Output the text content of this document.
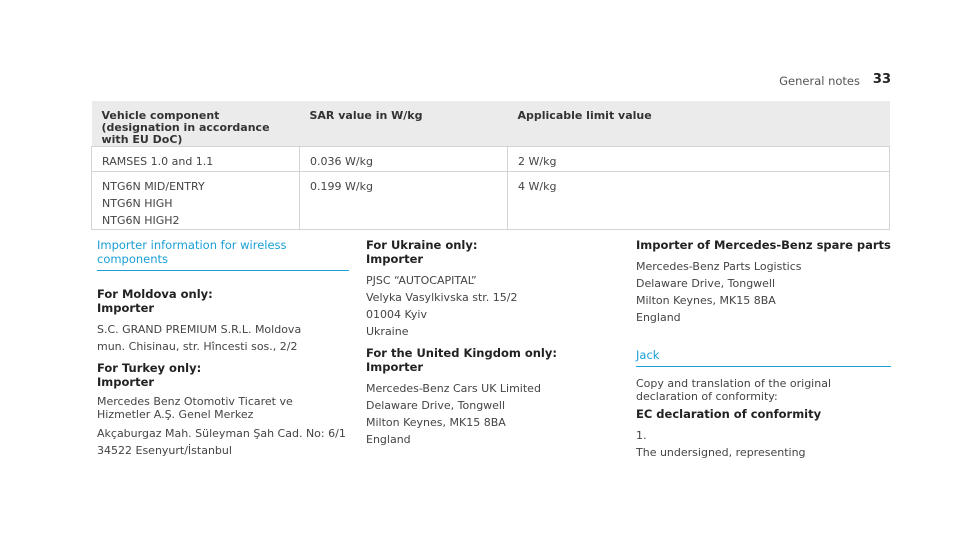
General notes 33
Vehicle component (designation in accordance with EU DoC)	SAR value in W/kg	Applicable limit value

RAMSES 1.0 and 1.1	0.036 W/kg	2 W/kg

NTG6N MID/ENTRY
NTG6N HIGH
NTG6N HIGH2	0.199 W/kg	4 W/kg

Importer information for wireless components

For Moldova only:

Importer

S.C. GRAND PREMIUM S.R.L. Moldova

mun. Chisinau, str. Hîncesti sos., 2/2

For Turkey only:

Importer

Mercedes Benz Otomotiv Ticaret ve Hizmetler A.Ş. Genel Merkez

Akçaburgaz Mah. Süleyman Şah Cad. No: 6/1

34522 Esenyurt/İstanbul

For Ukraine only:

Importer

PJSC “AUTOCAPITAL”

Velyka Vasylkivska str. 15/2

01004 Kyiv

Ukraine

For the United Kingdom only:

Importer

Mercedes-Benz Cars UK Limited

Delaware Drive, Tongwell

Milton Keynes, MK15 8BA

England

Importer of Mercedes-Benz spare parts

Mercedes-Benz Parts Logistics

Delaware Drive, Tongwell

Milton Keynes, MK15 8BA

England

Jack

Copy and translation of the original declaration of conformity:

EC declaration of conformity

1.

The undersigned, representing
